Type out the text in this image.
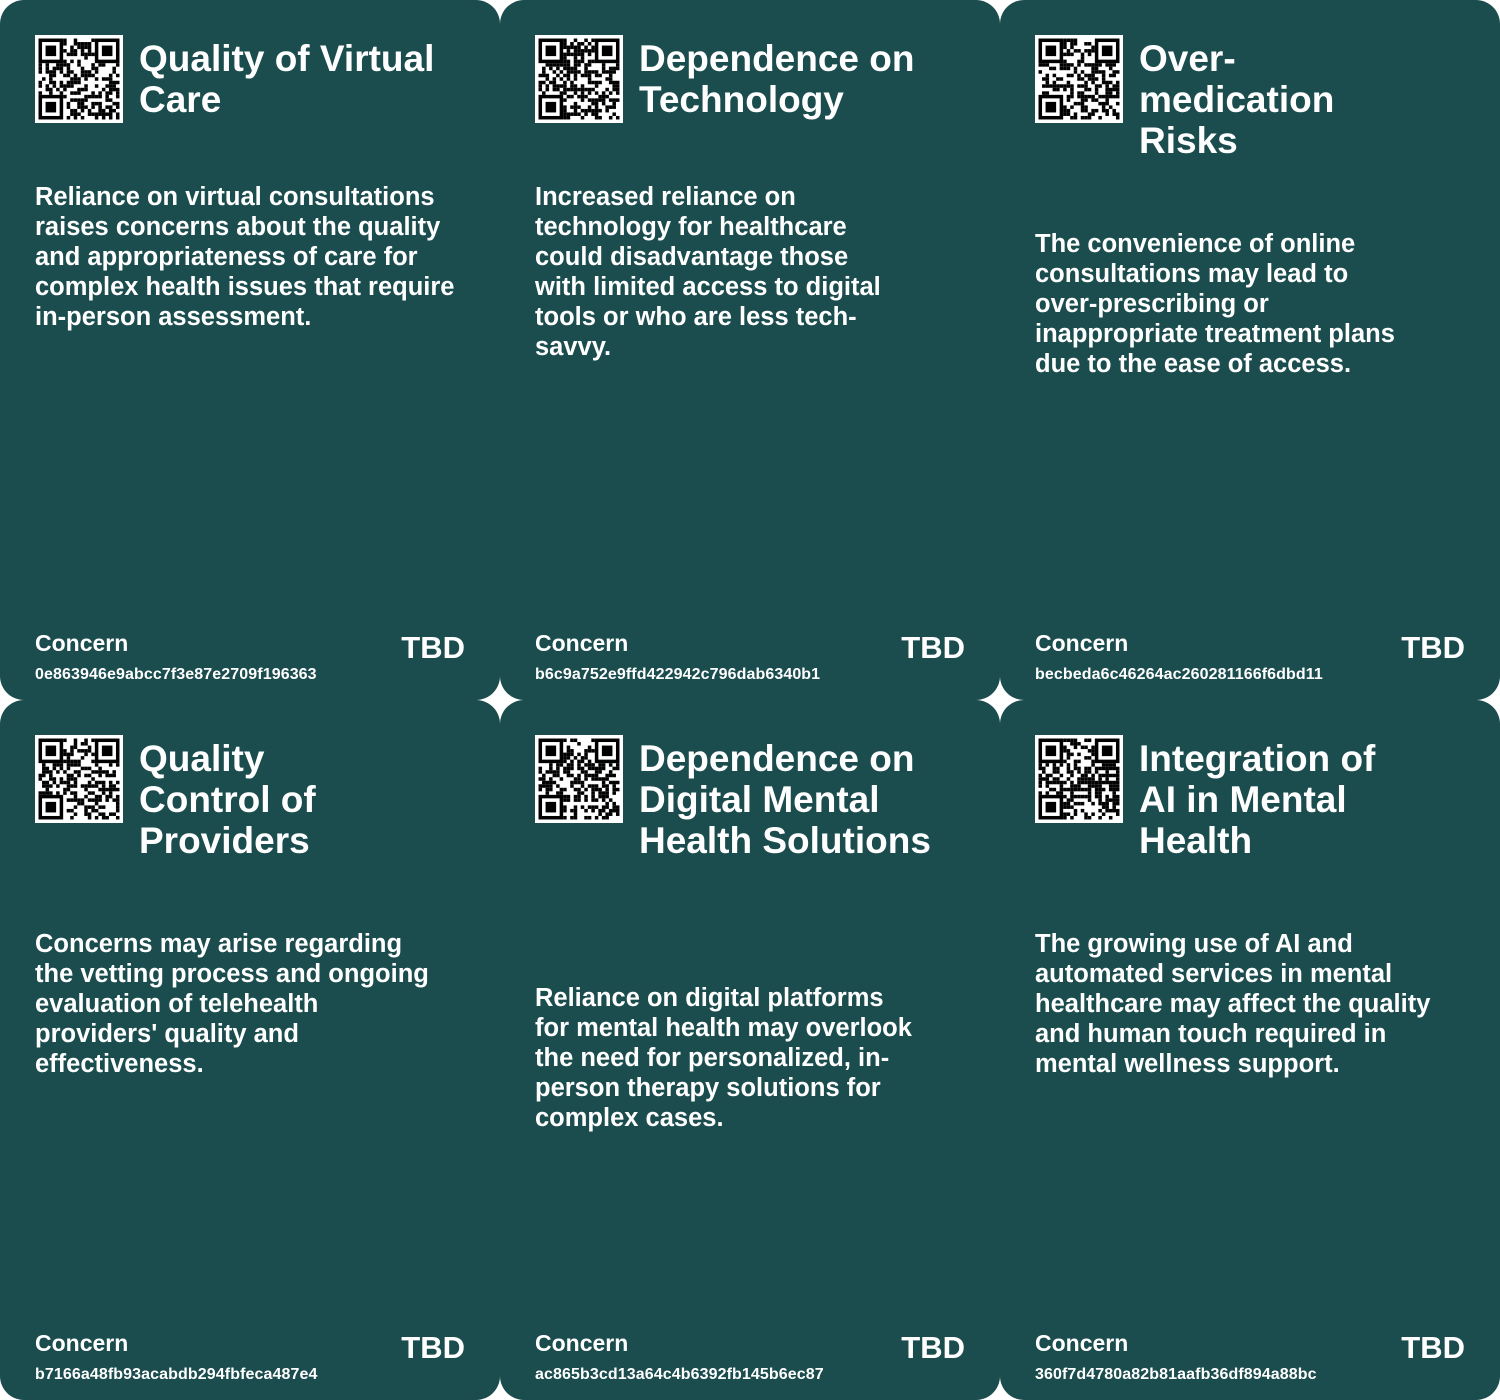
Quality of Virtual Care

Reliance on virtual consultations raises concerns about the quality and appropriateness of care for complex health issues that require in-person assessment.

Concern	TBD
0e863946e9abcc7f3e87e2709f196363
Dependence on Technology

Increased reliance on technology for healthcare could disadvantage those with limited access to digital tools or who are less tech-savvy.

Concern	TBD
b6c9a752e9ffd422942c796dab6340b1
Over-medication Risks

The convenience of online consultations may lead to over-prescribing or inappropriate treatment plans due to the ease of access.

Concern	TBD
becbeda6c46264ac260281166f6dbd11
Quality Control of Providers

Concerns may arise regarding the vetting process and ongoing evaluation of telehealth providers' quality and effectiveness.

Concern	TBD
b7166a48fb93acabdb294fbfeca487e4
Dependence on Digital Mental Health Solutions

Reliance on digital platforms for mental health may overlook the need for personalized, in-person therapy solutions for complex cases.

Concern	TBD
ac865b3cd13a64c4b6392fb145b6ec87
Integration of AI in Mental Health

The growing use of AI and automated services in mental healthcare may affect the quality and human touch required in mental wellness support.

Concern	TBD
360f7d4780a82b81aafb36df894a88bc
